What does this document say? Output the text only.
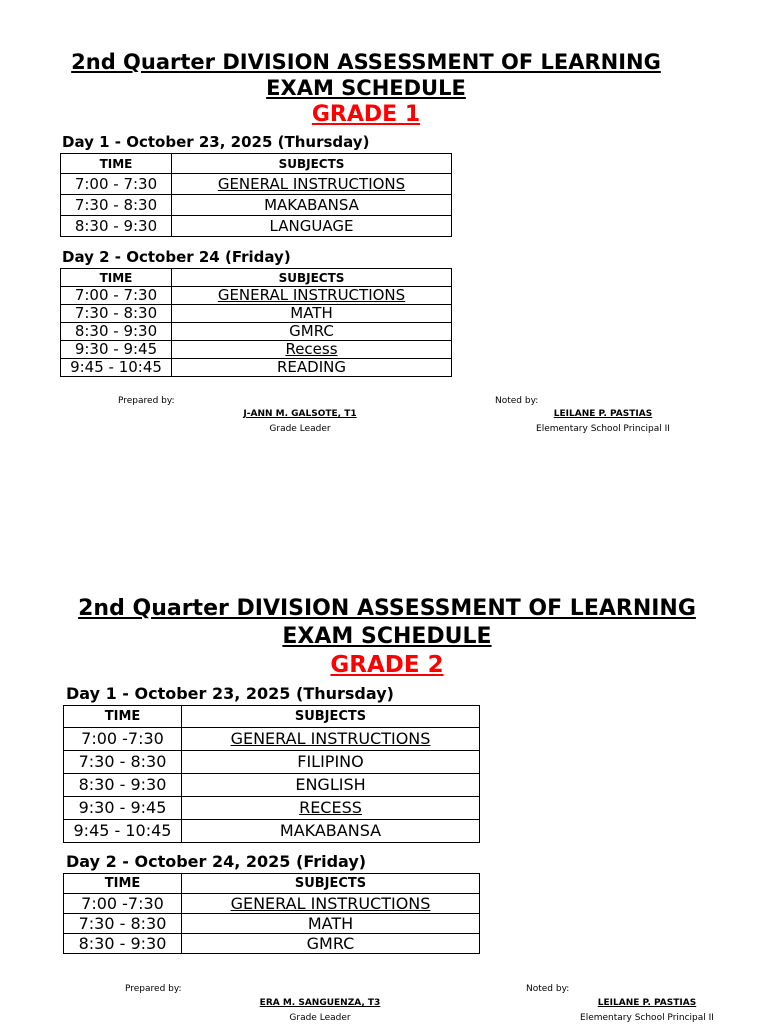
2nd Quarter DIVISION ASSESSMENT OF LEARNING
EXAM SCHEDULE
GRADE 1
Day 1 - October 23, 2025 (Thursday)
TIME	SUBJECTS
7:00 - 7:30	GENERAL INSTRUCTIONS
7:30 - 8:30	MAKABANSA
8:30 - 9:30	LANGUAGE
Day 2 - October 24 (Friday)
TIME	SUBJECTS
7:00 - 7:30	GENERAL INSTRUCTIONS
7:30 - 8:30	MATH
8:30 - 9:30	GMRC
9:30 - 9:45	Recess
9:45 - 10:45	READING
Prepared by:
J-ANN M. GALSOTE, T1
Grade Leader
Noted by:
LEILANE P. PASTIAS
Elementary School Principal II
2nd Quarter DIVISION ASSESSMENT OF LEARNING
EXAM SCHEDULE
GRADE 2
Day 1 - October 23, 2025 (Thursday)
TIME	SUBJECTS
7:00 -7:30	GENERAL INSTRUCTIONS
7:30 - 8:30	FILIPINO
8:30 - 9:30	ENGLISH
9:30 - 9:45	RECESS
9:45 - 10:45	MAKABANSA
Day 2 - October 24, 2025 (Friday)
TIME	SUBJECTS
7:00 -7:30	GENERAL INSTRUCTIONS
7:30 - 8:30	MATH
8:30 - 9:30	GMRC
Prepared by:
ERA M. SANGUENZA, T3
Grade Leader
Noted by:
LEILANE P. PASTIAS
Elementary School Principal II
